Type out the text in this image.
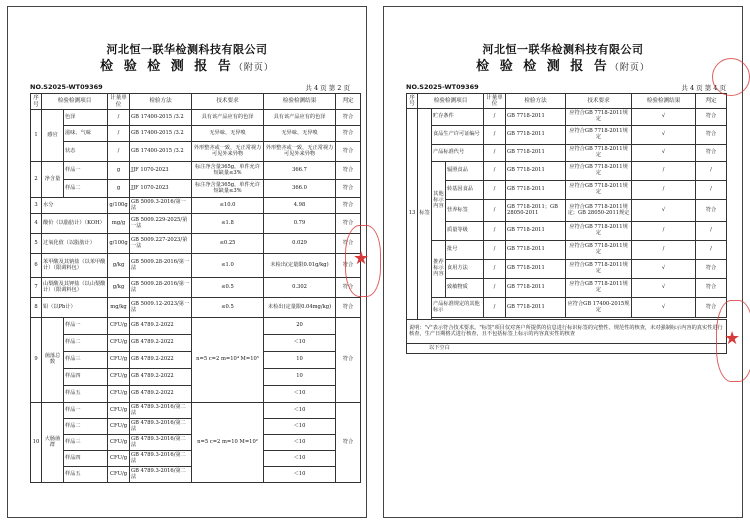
河北恒一联华检测科技有限公司
检 验 检 测 报 告（附页）
NO.S2025-WT09369	共 4 页 第 2 页
序号	检验检测项目		计量单位	检验方法	技术要求	检验检测结果	判定
1	感官	色泽	/	GB 17400-2015 /3.2	具有该产品应有的色泽	具有该产品应有的色泽	符合
		滋味、气味	/	GB 17400-2015 /3.2	无异味、无异嗅	无异味、无异嗅	符合
		状态	/	GB 17400-2015 /3.2	外形整齐或一致，无正常视力可见外来异物	外形整齐或一致，无正常视力可见外来异物	符合
2	净含量	样品一	g	JJF 1070-2023	标注净含量365g，单件允许短缺量≤3%	366.7	符合
		样品二	g	JJF 1070-2023	标注净含量365g，单件允许短缺量≤3%	366.0	符合
3	水分		g/100g	GB 5009.3-2016/第一法	≤10.0	4.98	符合
4	酸价（以脂肪计）（KOH）		mg/g	GB 5009.229-2025/第一法	≤1.8	0.79	符合
5	过氧化值（以脂肪计）		g/100g	GB 5009.227-2023/第一法	≤0.25	0.029	符合
6	苯甲酸及其钠盐（以苯甲酸计）（限调料包）		g/kg	GB 5009.28-2016/第一法	≤1.0	未检出(定量限0.01g/kg)	符合
7	山梨酸及其钾盐（以山梨酸计）（限调料包）		g/kg	GB 5009.28-2016/第一法	≤0.5	0.302	符合
8	铅（以Pb计）		mg/kg	GB 5009.12-2023/第一法	≤0.5	未检出(定量限0.04mg/kg)	符合
9	菌落总数	样品一	CFU/g	GB 4789.2-2022	n=5 c=2 m=10⁴ M=10⁵	20	符合
		样品二	CFU/g	GB 4789.2-2022		＜10	
		样品三	CFU/g	GB 4789.2-2022		10	
		样品四	CFU/g	GB 4789.2-2022		10	
		样品五	CFU/g	GB 4789.2-2022		＜10	
10	大肠菌群	样品一	CFU/g	GB 4789.3-2016/第二法	n=5 c=2 m=10 M=10²	＜10	符合
		样品二	CFU/g	GB 4789.3-2016/第二法		＜10	
		样品三	CFU/g	GB 4789.3-2016/第二法		＜10	
		样品四	CFU/g	GB 4789.3-2016/第二法		＜10	
		样品五	CFU/g	GB 4789.3-2016/第二法		＜10	
河北恒一联华检测科技有限公司
检 验 检 测 报 告（附页）
NO.S2025-WT09369	共 4 页 第 4 页
序号	检验检测项目			计量单位	检验方法	技术要求	检验检测结果	判定
13	标签	贮存条件		/	GB 7718-2011	应符合GB 7718-2011规定	√	符合
		食品生产许可证编号		/	GB 7718-2011	应符合GB 7718-2011规定	√	符合
		产品标准代号		/	GB 7718-2011	应符合GB 7718-2011规定	√	符合
		其他标示内容	辐照食品	/	GB 7718-2011	应符合GB 7718-2011规定	/	/
			转基因食品	/	GB 7718-2011	应符合GB 7718-2011规定	/	/
			营养标签	/	GB 7718-2011；GB 28050-2011	应符合GB 7718-2011规定；GB 28050-2011规定	√	符合
			质量等级	/	GB 7718-2011	应符合GB 7718-2011规定	/	/
		推荐标示内容	批号	/	GB 7718-2011	应符合GB 7718-2011规定	/	/
			食用方法	/	GB 7718-2011	应符合GB 7718-2011规定	√	符合
			致敏物质	/	GB 7718-2011	应符合GB 7718-2011规定	√	符合
		产品标准规定的其他标示		/	GB 7718-2011	应符合GB 17400-2015规定	√	符合

说明："√"表示符合技术要求。"标签"项目仅对客户所提供的信息进行标识标签的完整性、规范性的核查，未对强制标示内容的真实性进行核查，生产日期格式进行核查，且不包括标签上标示的内容真实性的核查								
以下空白								
★
★
